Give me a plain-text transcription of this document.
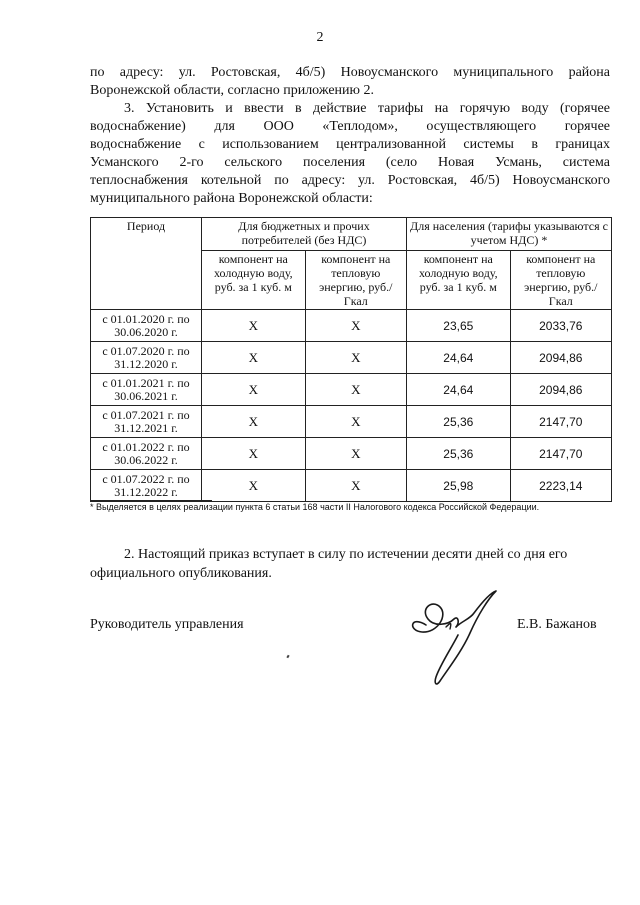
2
по адресу: ул. Ростовская, 4б/5) Новоусманского муниципального района
Воронежской области, согласно приложению 2.
3. Установить и ввести в действие тарифы на горячую воду (горячее
водоснабжение) для ООО «Теплодом», осуществляющего горячее
водоснабжение с использованием централизованной системы в границах
Усманского 2-го сельского поселения (село Новая Усмань, система
теплоснабжения котельной по адресу: ул. Ростовская, 4б/5) Новоусманского
муниципального района Воронежской области:
Период	Для бюджетных и прочих потребителей (без НДС)		Для населения (тарифы указываются с учетом НДС) *	
	компонент на холодную воду, руб. за 1 куб. м	компонент на тепловую энергию, руб./Гкал	компонент на холодную воду, руб. за 1 куб. м	компонент на тепловую энергию, руб./Гкал
с 01.01.2020 г. по 30.06.2020 г.	X	X	23,65	2033,76
с 01.07.2020 г. по 31.12.2020 г.	X	X	24,64	2094,86
с 01.01.2021 г. по 30.06.2021 г.	X	X	24,64	2094,86
с 01.07.2021 г. по 31.12.2021 г.	X	X	25,36	2147,70
с 01.01.2022 г. по 30.06.2022 г.	X	X	25,36	2147,70
с 01.07.2022 г. по 31.12.2022 г.	X	X	25,98	2223,14
* Выделяется в целях реализации пункта 6 статьи 168 части II Налогового кодекса Российской Федерации.
2. Настоящий приказ вступает в силу по истечении десяти дней со дня его
официального опубликования.
Руководитель управления	Е.В. Бажанов
